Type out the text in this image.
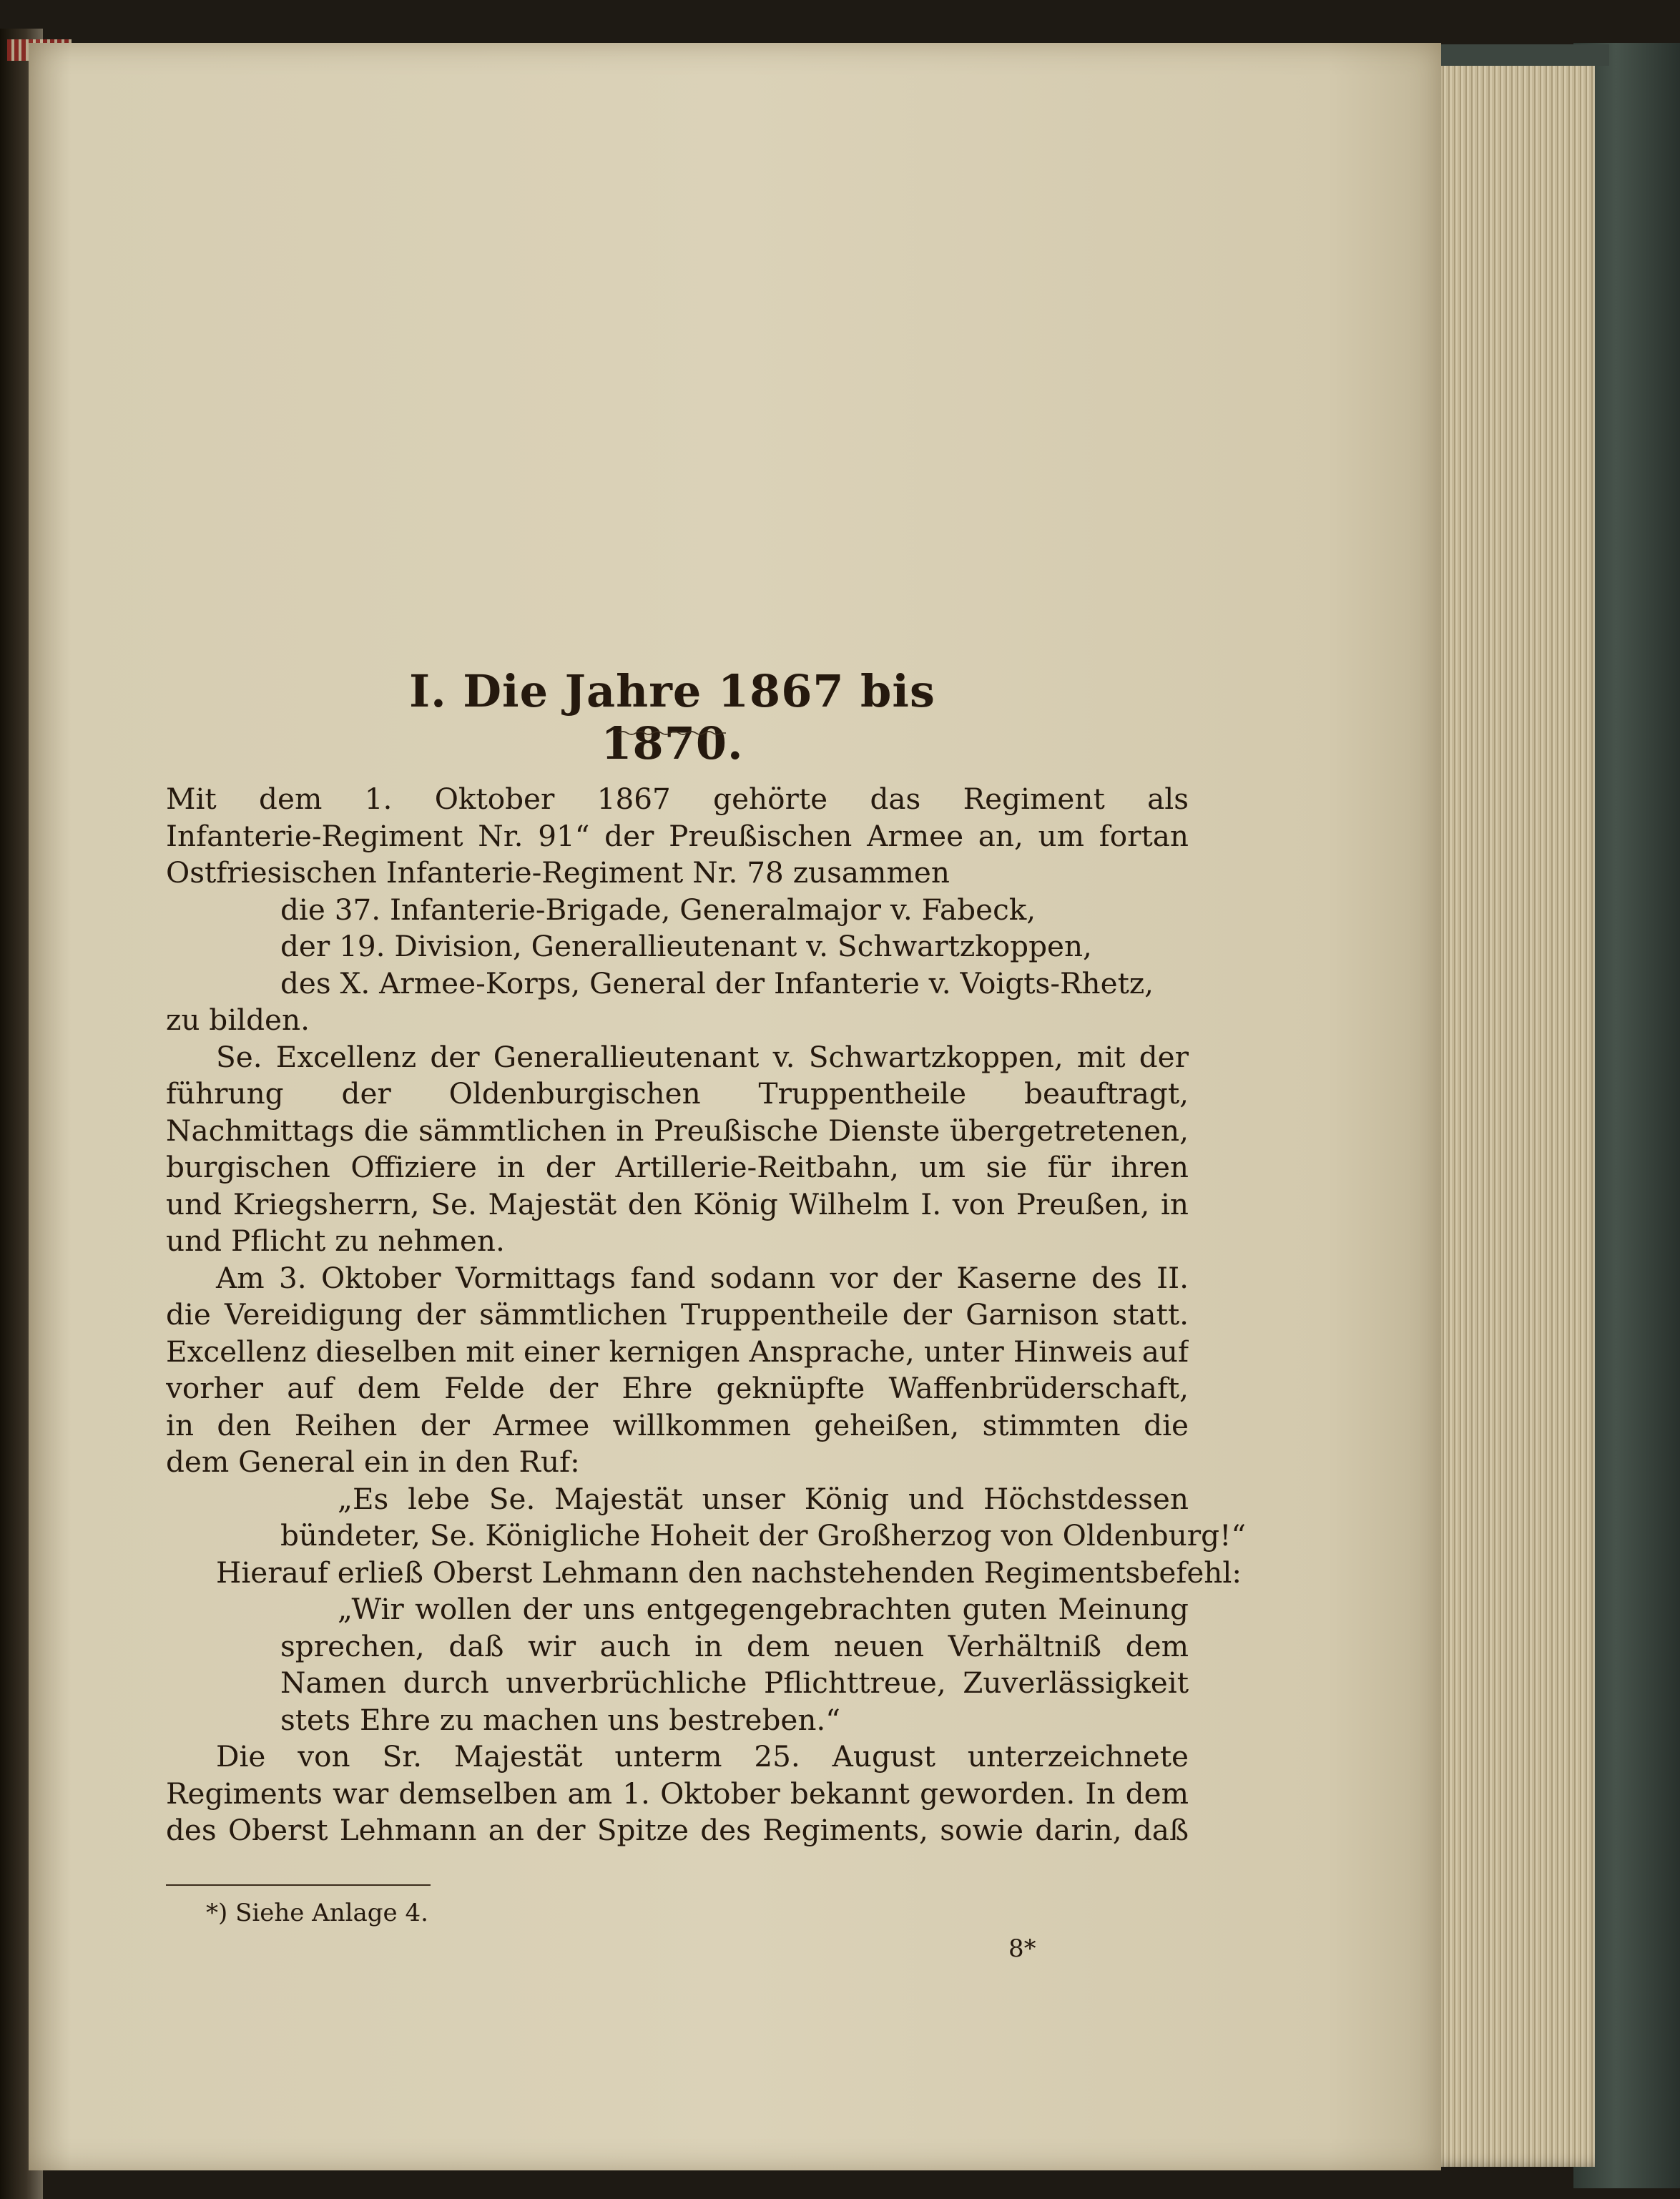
I. Die Jahre 1867 bis 1870.
Mit dem 1. Oktober 1867 gehörte das Regiment als
Infanterie-Regiment Nr. 91“ der Preußischen Armee an, um fortan
Ostfriesischen Infanterie-Regiment Nr. 78 zusammen
die 37. Infanterie-Brigade, Generalmajor v. Fabeck,
der 19. Division, Generallieutenant v. Schwartzkoppen,
des X. Armee-Korps, General der Infanterie v. Voigts-Rhetz,
zu bilden.
Se. Excellenz der Generallieutenant v. Schwartzkoppen, mit der
führung der Oldenburgischen Truppentheile beauftragt,
Nachmittags die sämmtlichen in Preußische Dienste übergetretenen,
burgischen Offiziere in der Artillerie-Reitbahn, um sie für ihren
und Kriegsherrn, Se. Majestät den König Wilhelm I. von Preußen, in
und Pflicht zu nehmen.
Am 3. Oktober Vormittags fand sodann vor der Kaserne des II.
die Vereidigung der sämmtlichen Truppentheile der Garnison statt.
Excellenz dieselben mit einer kernigen Ansprache, unter Hinweis auf
vorher auf dem Felde der Ehre geknüpfte Waffenbrüderschaft,
in den Reihen der Armee willkommen geheißen, stimmten die
dem General ein in den Ruf:
„Es lebe Se. Majestät unser König und Höchstdessen
bündeter, Se. Königliche Hoheit der Großherzog von Oldenburg!“
Hierauf erließ Oberst Lehmann den nachstehenden Regimentsbefehl:
„Wir wollen der uns entgegengebrachten guten Meinung
sprechen, daß wir auch in dem neuen Verhältniß dem
Namen durch unverbrüchliche Pflichttreue, Zuverlässigkeit
stets Ehre zu machen uns bestreben.“
Die von Sr. Majestät unterm 25. August unterzeichnete
Regiments war demselben am 1. Oktober bekannt geworden. In dem
des Oberst Lehmann an der Spitze des Regiments, sowie darin, daß
*) Siehe Anlage 4.
8*
